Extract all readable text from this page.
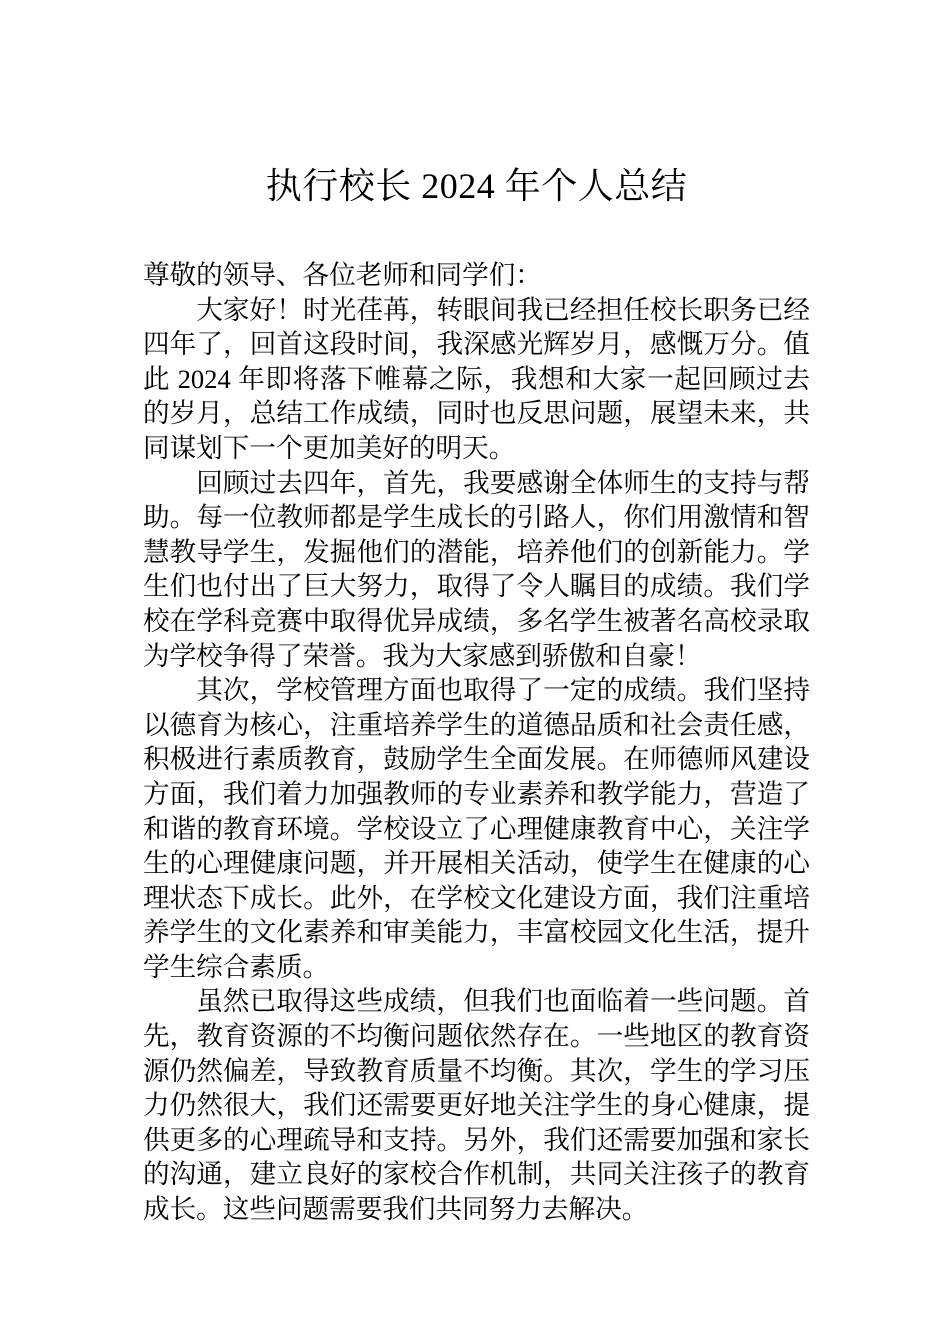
执行校长 2024 年个人总结

尊敬的领导、各位老师和同学们：

大家好！时光荏苒，转眼间我已经担任校长职务已经四年了，回首这段时间，我深感光辉岁月，感慨万分。值此 2024 年即将落下帷幕之际，我想和大家一起回顾过去的岁月，总结工作成绩，同时也反思问题，展望未来，共同谋划下一个更加美好的明天。

回顾过去四年，首先，我要感谢全体师生的支持与帮助。每一位教师都是学生成长的引路人，你们用激情和智慧教导学生，发掘他们的潜能，培养他们的创新能力。学生们也付出了巨大努力，取得了令人瞩目的成绩。我们学校在学科竞赛中取得优异成绩，多名学生被著名高校录取为学校争得了荣誉。我为大家感到骄傲和自豪！

其次，学校管理方面也取得了一定的成绩。我们坚持以德育为核心，注重培养学生的道德品质和社会责任感，积极进行素质教育，鼓励学生全面发展。在师德师风建设方面，我们着力加强教师的专业素养和教学能力，营造了和谐的教育环境。学校设立了心理健康教育中心，关注学生的心理健康问题，并开展相关活动，使学生在健康的心理状态下成长。此外，在学校文化建设方面，我们注重培养学生的文化素养和审美能力，丰富校园文化生活，提升学生综合素质。

虽然已取得这些成绩，但我们也面临着一些问题。首先，教育资源的不均衡问题依然存在。一些地区的教育资源仍然偏差，导致教育质量不均衡。其次，学生的学习压力仍然很大，我们还需要更好地关注学生的身心健康，提供更多的心理疏导和支持。另外，我们还需要加强和家长的沟通，建立良好的家校合作机制，共同关注孩子的教育成长。这些问题需要我们共同努力去解决。
